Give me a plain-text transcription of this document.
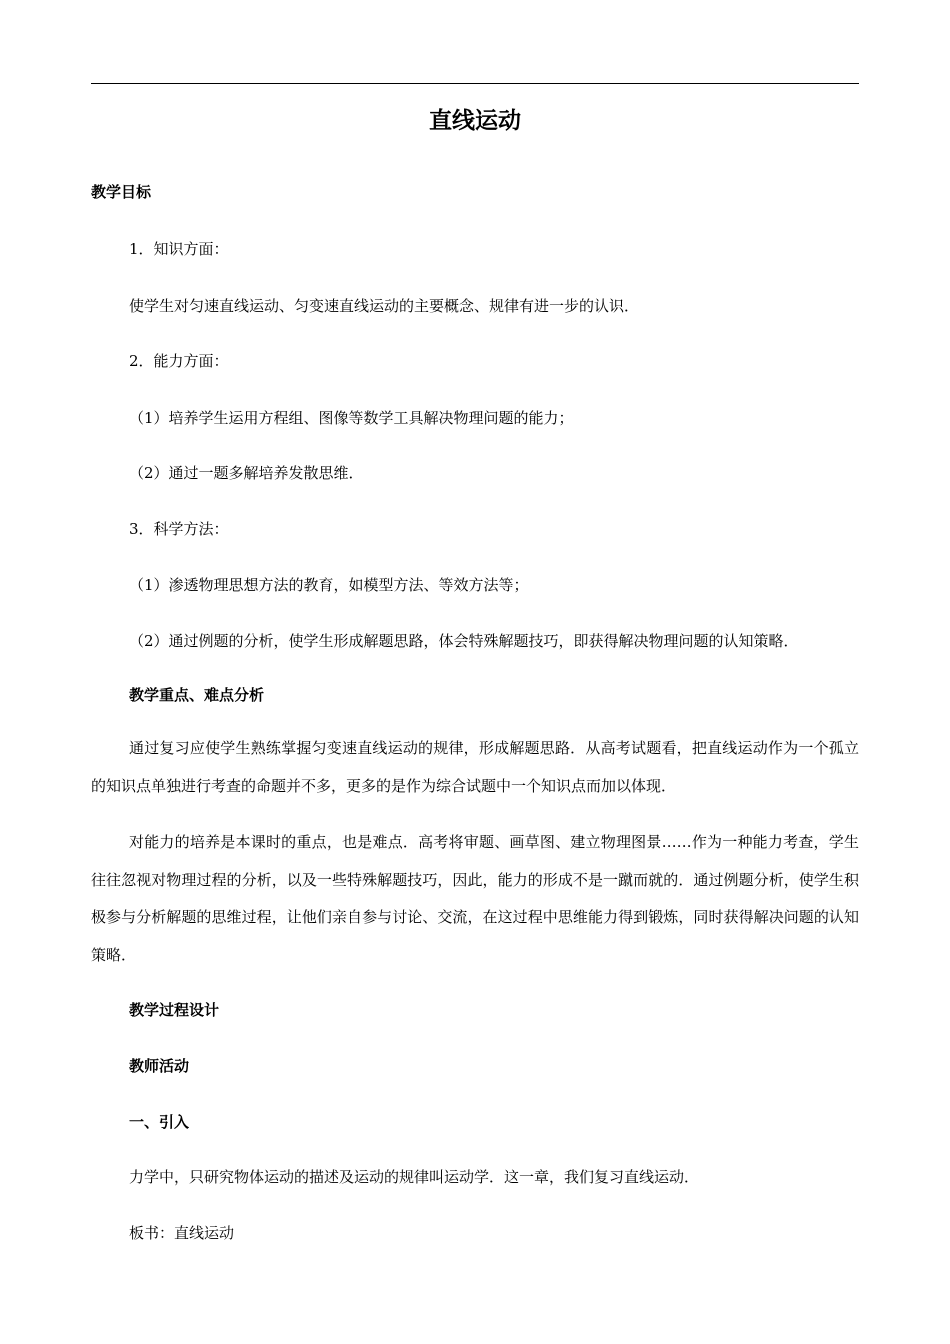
直线运动
教学目标
1．知识方面：
使学生对匀速直线运动、匀变速直线运动的主要概念、规律有进一步的认识．
2．能力方面：
（1）培养学生运用方程组、图像等数学工具解决物理问题的能力；
（2）通过一题多解培养发散思维．
3．科学方法：
（1）渗透物理思想方法的教育，如模型方法、等效方法等；
（2）通过例题的分析，使学生形成解题思路，体会特殊解题技巧，即获得解决物理问题的认知策略．
教学重点、难点分析
通过复习应使学生熟练掌握匀变速直线运动的规律，形成解题思路．从高考试题看，把直线运动作为一个孤立的知识点单独进行考查的命题并不多，更多的是作为综合试题中一个知识点而加以体现．
对能力的培养是本课时的重点，也是难点．高考将审题、画草图、建立物理图景……作为一种能力考查，学生往往忽视对物理过程的分析，以及一些特殊解题技巧，因此，能力的形成不是一蹴而就的．通过例题分析，使学生积极参与分析解题的思维过程，让他们亲自参与讨论、交流，在这过程中思维能力得到锻炼，同时获得解决问题的认知策略．
教学过程设计
教师活动
一、引入
力学中，只研究物体运动的描述及运动的规律叫运动学．这一章，我们复习直线运动．
板书：直线运动
